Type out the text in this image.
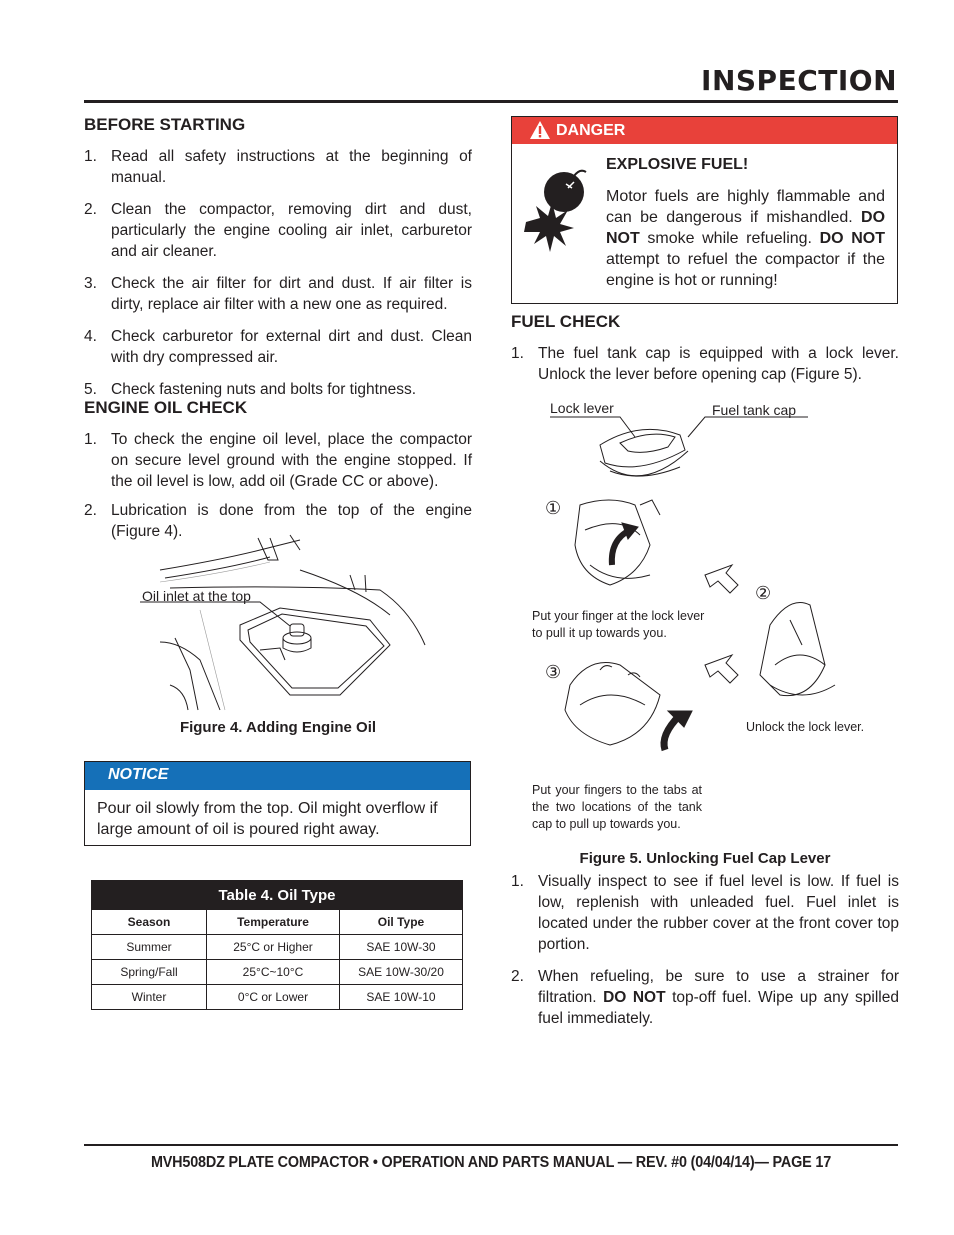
INSPECTION
BEFORE STARTING
1. Read all safety instructions at the beginning of manual.
2. Clean the compactor, removing dirt and dust, particularly the engine cooling air inlet, carburetor and air cleaner.
3. Check the air filter for dirt and dust. If air filter is dirty, replace air filter with a new one as required.
4. Check carburetor for external dirt and dust. Clean with dry compressed air.
5. Check fastening nuts and bolts for tightness.
ENGINE OIL CHECK
1. To check the engine oil level, place the compactor on secure level ground with the engine stopped. If the oil level is low, add oil (Grade CC or above).
2. Lubrication is done from the top of the engine (Figure 4).
Oil inlet at the top
Figure 4. Adding Engine Oil
NOTICE
Pour oil slowly from the top. Oil might overflow if large amount of oil is poured right away.
Table 4. Oil Type		
Season	Temperature	Oil Type
Summer	25°C or Higher	SAE 10W-30
Spring/Fall	25°C~10°C	SAE 10W-30/20
Winter	0°C or Lower	SAE 10W-10
DANGER
EXPLOSIVE FUEL!
Motor fuels are highly flammable and can be dangerous if mishandled. DO NOT smoke while refueling. DO NOT attempt to refuel the compactor if the engine is hot or running!
FUEL CHECK
1. The fuel tank cap is equipped with a lock lever. Unlock the lever before opening cap (Figure 5).
Lock lever	Fuel tank cap
①
②
③
Put your finger at the lock lever to pull it up towards you.
Unlock the lock lever.
Put your fingers to the tabs at the two locations of the tank cap to pull up towards you.
Figure 5. Unlocking Fuel Cap Lever
1. Visually inspect to see if fuel level is low. If fuel is low, replenish with unleaded fuel. Fuel inlet is located under the rubber cover at the front cover top portion.
2. When refueling, be sure to use a strainer for filtration. DO NOT top-off fuel. Wipe up any spilled fuel immediately.
MVH508DZ PLATE COMPACTOR • OPERATION AND PARTS MANUAL — REV. #0 (04/04/14)— PAGE 17
